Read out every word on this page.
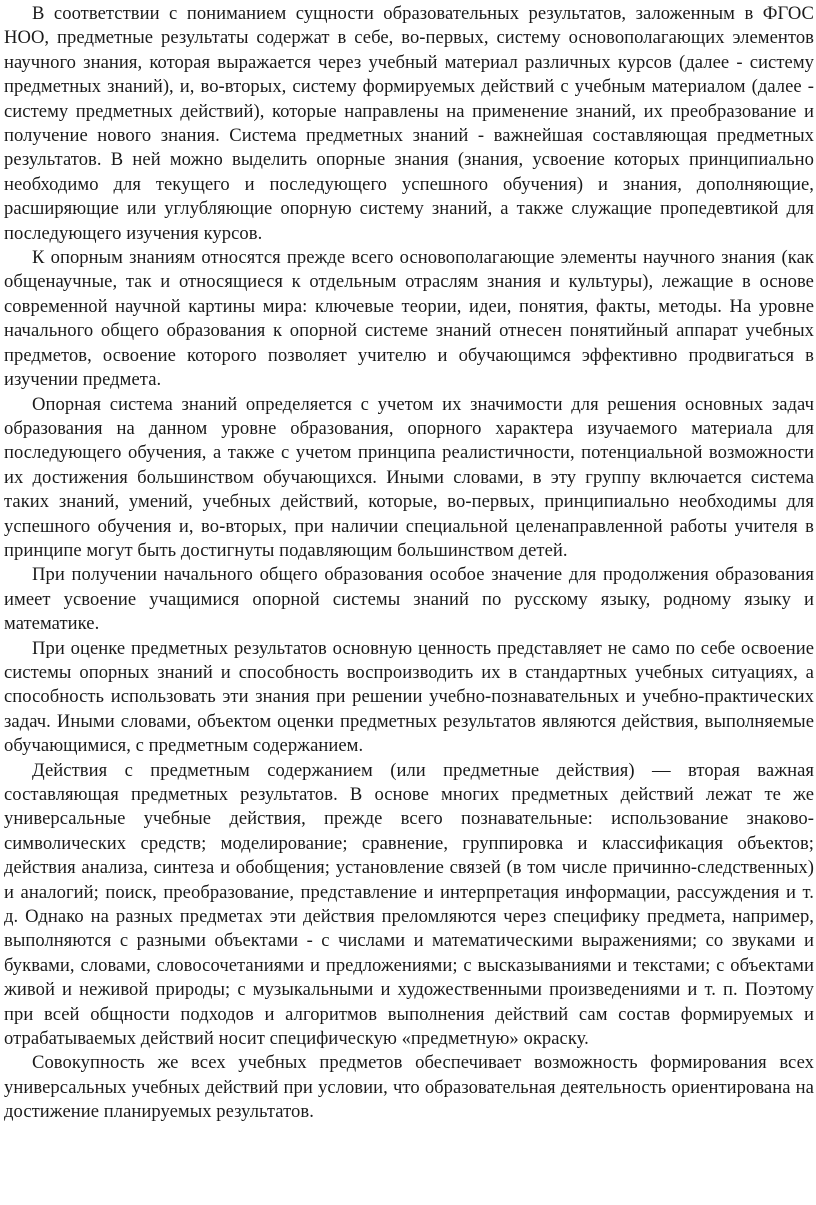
В соответствии с пониманием сущности образовательных результатов, заложенным в ФГОС НОО, предметные результаты содержат в себе, во-первых, систему основополагающих элементов научного знания, которая выражается через учебный материал различных курсов (далее - систему предметных знаний), и, во-вторых, систему формируемых действий с учебным материалом (далее - систему предметных действий), которые направлены на применение знаний, их преобразование и получение нового знания. Система предметных знаний - важнейшая составляющая предметных результатов. В ней можно выделить опорные знания (знания, усвоение которых принципиально необходимо для текущего и последующего успешного обучения) и знания, дополняющие, расширяющие или углубляющие опорную систему знаний, а также служащие пропедевтикой для последующего изучения курсов.

К опорным знаниям относятся прежде всего основополагающие элементы научного знания (как общенаучные, так и относящиеся к отдельным отраслям знания и культуры), лежащие в основе современной научной картины мира: ключевые теории, идеи, понятия, факты, методы. На уровне начального общего образования к опорной системе знаний отнесен понятийный аппарат учебных предметов, освоение которого позволяет учителю и обучающимся эффективно продвигаться в изучении предмета.

Опорная система знаний определяется с учетом их значимости для решения основных задач образования на данном уровне образования, опорного характера изучаемого материала для последующего обучения, а также с учетом принципа реалистичности, потенциальной возможности их достижения большинством обучающихся. Иными словами, в эту группу включается система таких знаний, умений, учебных действий, которые, во-первых, принципиально необходимы для успешного обучения и, во-вторых, при наличии специальной целенаправленной работы учителя в принципе могут быть достигнуты подавляющим большинством детей.

При получении начального общего образования особое значение для продолжения образования имеет усвоение учащимися опорной системы знаний по русскому языку, родному языку и математике.

При оценке предметных результатов основную ценность представляет не само по себе освоение системы опорных знаний и способность воспроизводить их в стандартных учебных ситуациях, а способность использовать эти знания при решении учебно-познавательных и учебно-практических задач. Иными словами, объектом оценки предметных результатов являются действия, выполняемые обучающимися, с предметным содержанием.

Действия с предметным содержанием (или предметные действия) — вторая важная составляющая предметных результатов. В основе многих предметных действий лежат те же универсальные учебные действия, прежде всего познавательные: использование знаково-символических средств; моделирование; сравнение, группировка и классификация объектов; действия анализа, синтеза и обобщения; установление связей (в том числе причинно-следственных) и аналогий; поиск, преобразование, представление и интерпретация информации, рассуждения и т. д. Однако на разных предметах эти действия преломляются через специфику предмета, например, выполняются с разными объектами - с числами и математическими выражениями; со звуками и буквами, словами, словосочетаниями и предложениями; с высказываниями и текстами; с объектами живой и неживой природы; с музыкальными и художественными произведениями и т. п. Поэтому при всей общности подходов и алгоритмов выполнения действий сам состав формируемых и отрабатываемых действий носит специфическую «предметную» окраску.

Совокупность же всех учебных предметов обеспечивает возможность формирования всех универсальных учебных действий при условии, что образовательная деятельность ориентирована на достижение планируемых результатов.
